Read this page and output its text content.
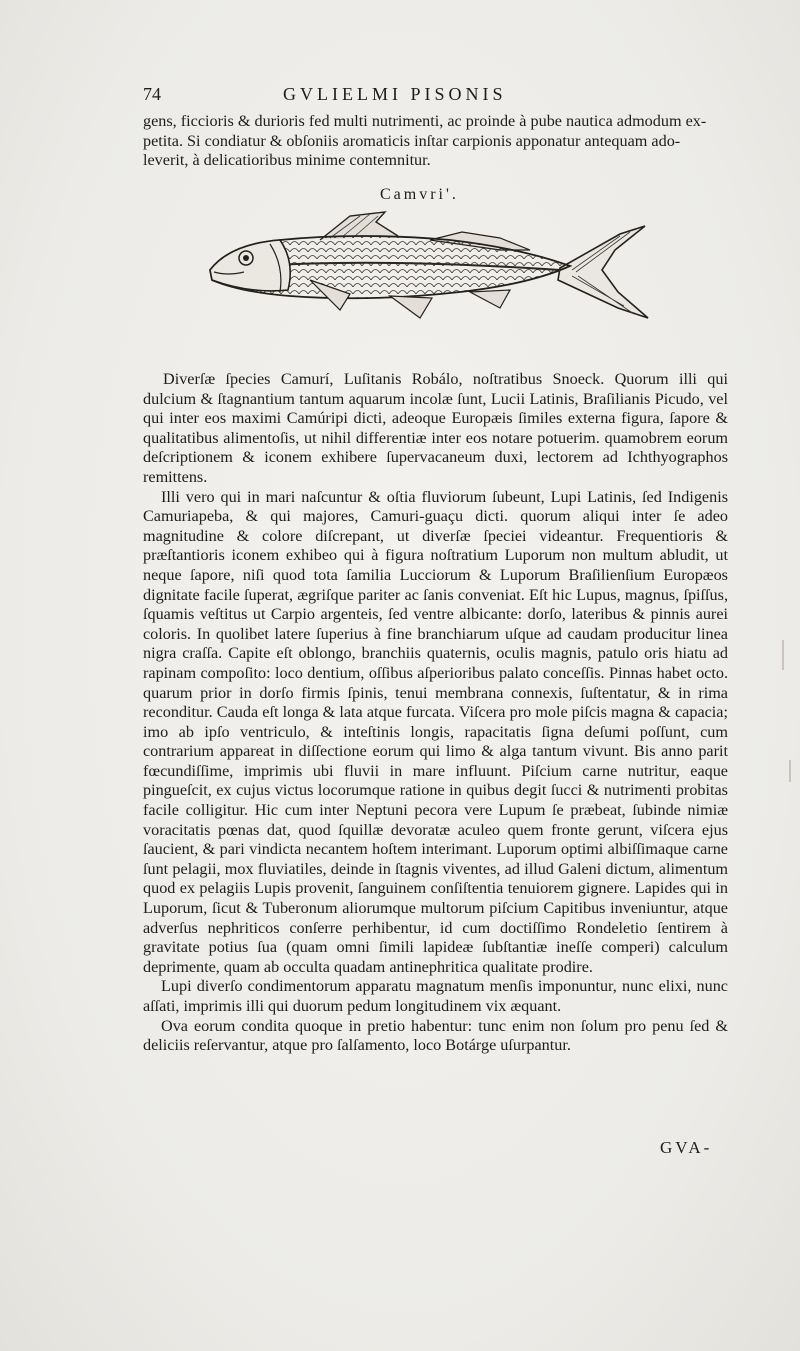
74	GVLIELMI PISONIS

gens, ficcioris & durioris fed multi nutrimenti, ac proinde à pube nautica admodum ex-

petita. Si condiatur & obſoniis aromaticis inſtar carpionis apponatur antequam ado-

leverit, à delicatioribus minime contemnitur.

Camvri'.

Diverſæ ſpecies Camurí, Luſitanis Robálo, noſtratibus Snoeck. Quorum illi qui dulcium & ſtagnantium tantum aquarum incolæ ſunt, Lucii Latinis, Braſilianis Picudo, vel qui inter eos maximi Camúripi dicti, adeoque Europæis ſimiles externa figura, ſapore & qualitatibus alimentoſis, ut nihil differentiæ inter eos notare potuerim. quamobrem eorum deſcriptionem & iconem exhibere ſupervacaneum duxi, lectorem ad Ichthyographos remittens.

Illi vero qui in mari naſcuntur & oſtia fluviorum ſubeunt, Lupi Latinis, ſed Indigenis Camuriapeba, & qui majores, Camuri-guaçu dicti. quorum aliqui inter ſe adeo magnitudine & colore diſcrepant, ut diverſæ ſpeciei videantur. Frequentioris & præſtantioris iconem exhibeo qui à figura noſtratium Luporum non multum abludit, ut neque ſapore, niſi quod tota ſamilia Lucciorum & Luporum Braſilienſium Europæos dignitate facile ſuperat, ægriſque pariter ac ſanis conveniat. Eſt hic Lupus, magnus, ſpiſſus, ſquamis veſtitus ut Carpio argenteis, ſed ventre albicante: dorſo, lateribus & pinnis aurei coloris. In quolibet latere ſuperius à fine branchiarum uſque ad caudam producitur linea nigra craſſa. Capite eſt oblongo, branchiis quaternis, oculis magnis, patulo oris hiatu ad rapinam compoſito: loco dentium, oſſibus aſperioribus palato conceſſis. Pinnas habet octo. quarum prior in dorſo firmis ſpinis, tenui membrana connexis, ſuſtentatur, & in rima reconditur. Cauda eſt longa & lata atque furcata. Viſcera pro mole piſcis magna & capacia; imo ab ipſo ventriculo, & inteſtinis longis, rapacitatis ſigna deſumi poſſunt, cum contrarium appareat in diſſectione eorum qui limo & alga tantum vivunt. Bis anno parit fœcundiſſime, imprimis ubi fluvii in mare influunt. Piſcium carne nutritur, eaque pingueſcit, ex cujus victus locorumque ratione in quibus degit ſucci & nutrimenti probitas facile colligitur. Hic cum inter Neptuni pecora vere Lupum ſe præbeat, ſubinde nimiæ voracitatis pœnas dat, quod ſquillæ devoratæ aculeo quem fronte gerunt, viſcera ejus ſaucient, & pari vindicta necantem hoſtem interimant. Luporum optimi albiſſimaque carne ſunt pelagii, mox fluviatiles, deinde in ſtagnis viventes, ad illud Galeni dictum, alimentum quod ex pelagiis Lupis provenit, ſanguinem conſiſtentia tenuiorem gignere. Lapides qui in Luporum, ſicut & Tuberonum aliorumque multorum piſcium Capitibus inveniuntur, atque adverſus nephriticos conſerre perhibentur, id cum doctiſſimo Rondeletio ſentirem à gravitate potius ſua (quam omni ſimili lapideæ ſubſtantiæ ineſſe comperi) calculum deprimente, quam ab occulta quadam antinephritica qualitate prodire.

Lupi diverſo condimentorum apparatu magnatum menſis imponuntur, nunc elixi, nunc aſſati, imprimis illi qui duorum pedum longitudinem vix æquant.

Ova eorum condita quoque in pretio habentur: tunc enim non ſolum pro penu ſed & deliciis reſervantur, atque pro ſalſamento, loco Botárge uſurpantur.

GVA-
